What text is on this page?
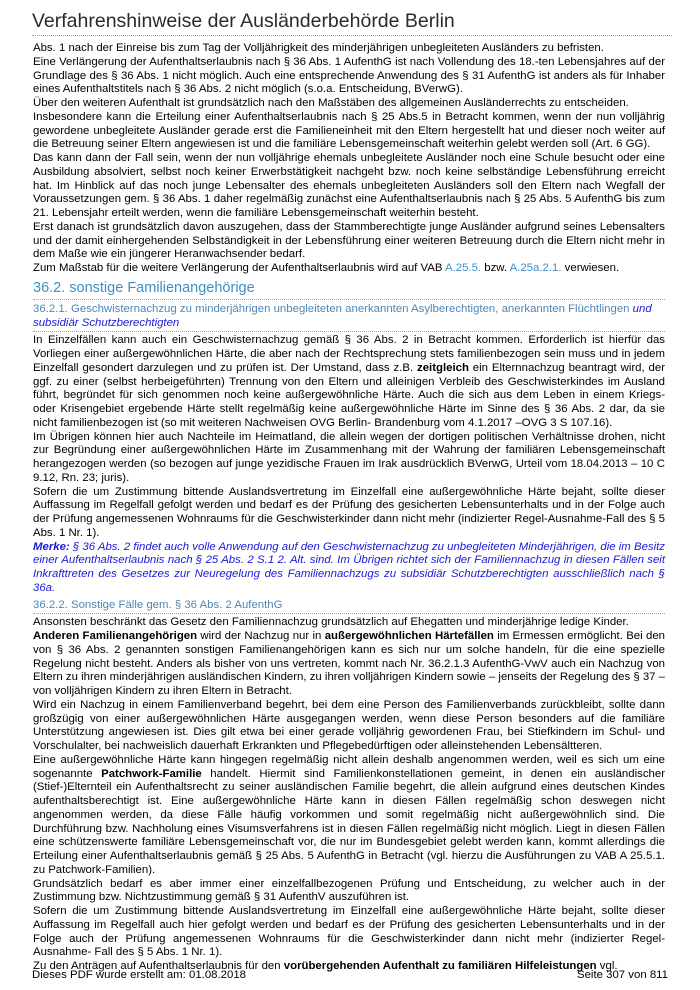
Verfahrenshinweise der Ausländerbehörde Berlin

Abs. 1 nach der Einreise bis zum Tag der Volljährigkeit des minderjährigen unbegleiteten Ausländers zu befristen.

Eine Verlängerung der Aufenthaltserlaubnis nach § 36 Abs. 1 AufenthG ist nach Vollendung des 18.-ten Lebensjahres auf der Grundlage des § 36 Abs. 1 nicht möglich. Auch eine entsprechende Anwendung des § 31 AufenthG ist anders als für Inhaber eines Aufenthaltstitels nach § 36 Abs. 2 nicht möglich (s.o.a. Entscheidung, BVerwG).

Über den weiteren Aufenthalt ist grundsätzlich nach den Maßstäben des allgemeinen Ausländerrechts zu entscheiden.

Insbesondere kann die Erteilung einer Aufenthaltserlaubnis nach § 25 Abs.5 in Betracht kommen, wenn der nun volljährig gewordene unbegleitete Ausländer gerade erst die Familieneinheit mit den Eltern hergestellt hat und dieser noch weiter auf die Betreuung seiner Eltern angewiesen ist und die familiäre Lebensgemeinschaft weiterhin gelebt werden soll (Art. 6 GG).

Das kann dann der Fall sein, wenn der nun volljährige ehemals unbegleitete Ausländer noch eine Schule besucht oder eine Ausbildung absolviert, selbst noch keiner Erwerbstätigkeit nachgeht bzw. noch keine selbständige Lebensführung erreicht hat. Im Hinblick auf das noch junge Lebensalter des ehemals unbegleiteten Ausländers soll den Eltern nach Wegfall der Voraussetzungen gem. § 36 Abs. 1 daher regelmäßig zunächst eine Aufenthaltserlaubnis nach § 25 Abs. 5 AufenthG bis zum 21. Lebensjahr erteilt werden, wenn die familiäre Lebensgemeinschaft weiterhin besteht.

Erst danach ist grundsätzlich davon auszugehen, dass der Stammberechtigte junge Ausländer aufgrund seines Lebensalters und der damit einhergehenden Selbständigkeit in der Lebensführung einer weiteren Betreuung durch die Eltern nicht mehr in dem Maße wie ein jüngerer Heranwachsender bedarf.

Zum Maßstab für die weitere Verlängerung der Aufenthaltserlaubnis wird auf VAB A.25.5. bzw. A.25a.2.1. verwiesen.

36.2. sonstige Familienangehörige
36.2.1. Geschwisternachzug zu minderjährigen unbegleiteten anerkannten Asylberechtigten, anerkannten Flüchtlingen und subsidiär Schutzberechtigten

In Einzelfällen kann auch ein Geschwisternachzug gemäß § 36 Abs. 2 in Betracht kommen. Erforderlich ist hierfür das Vorliegen einer außergewöhnlichen Härte, die aber nach der Rechtsprechung stets familienbezogen sein muss und in jedem Einzelfall gesondert darzulegen und zu prüfen ist. Der Umstand, dass z.B. zeitgleich ein Elternnachzug beantragt wird, der ggf. zu einer (selbst herbeigeführten) Trennung von den Eltern und alleinigen Verbleib des Geschwisterkindes im Ausland führt, begründet für sich genommen noch keine außergewöhnliche Härte. Auch die sich aus dem Leben in einem Kriegs- oder Krisengebiet ergebende Härte stellt regelmäßig keine außergewöhnliche Härte im Sinne des § 36 Abs. 2 dar, da sie nicht familienbezogen ist (so mit weiteren Nachweisen OVG Berlin- Brandenburg vom 4.1.2017 –OVG 3 S 107.16).

Im Übrigen können hier auch Nachteile im Heimatland, die allein wegen der dortigen politischen Verhältnisse drohen, nicht zur Begründung einer außergewöhnlichen Härte im Zusammenhang mit der Wahrung der familiären Lebensgemeinschaft herangezogen werden (so bezogen auf junge yezidische Frauen im Irak ausdrücklich BVerwG, Urteil vom 18.04.2013 – 10 C 9.12, Rn. 23; juris).

Sofern die um Zustimmung bittende Auslandsvertretung im Einzelfall eine außergewöhnliche Härte bejaht, sollte dieser Auffassung im Regelfall gefolgt werden und bedarf es der Prüfung des gesicherten Lebensunterhalts und in der Folge auch der Prüfung angemessenen Wohnraums für die Geschwisterkinder dann nicht mehr (indizierter Regel-Ausnahme-Fall des § 5 Abs. 1 Nr. 1).

Merke: § 36 Abs. 2 findet auch volle Anwendung auf den Geschwisternachzug zu unbegleiteten Minderjährigen, die im Besitz einer Aufenthaltserlaubnis nach § 25 Abs. 2 S.1 2. Alt. sind. Im Übrigen richtet sich der Familiennachzug in diesen Fällen seit Inkrafttreten des Gesetzes zur Neuregelung des Familiennachzugs zu subsidiär Schutzberechtigten ausschließlich nach § 36a.

36.2.2. Sonstige Fälle gem. § 36 Abs. 2 AufenthG

Ansonsten beschränkt das Gesetz den Familiennachzug grundsätzlich auf Ehegatten und minderjährige ledige Kinder.

Anderen Familienangehörigen wird der Nachzug nur in außergewöhnlichen Härtefällen im Ermessen ermöglicht. Bei den von § 36 Abs. 2 genannten sonstigen Familienangehörigen kann es sich nur um solche handeln, für die eine spezielle Regelung nicht besteht. Anders als bisher von uns vertreten, kommt nach Nr. 36.2.1.3 AufenthG-VwV auch ein Nachzug von Eltern zu ihren minderjährigen ausländischen Kindern, zu ihren volljährigen Kindern sowie – jenseits der Regelung des § 37 – von volljährigen Kindern zu ihren Eltern in Betracht.

Wird ein Nachzug in einem Familienverband begehrt, bei dem eine Person des Familienverbands zurückbleibt, sollte dann großzügig von einer außergewöhnlichen Härte ausgegangen werden, wenn diese Person besonders auf die familiäre Unterstützung angewiesen ist. Dies gilt etwa bei einer gerade volljährig gewordenen Frau, bei Stiefkindern im Schul- und Vorschulalter, bei nachweislich dauerhaft Erkrankten und Pflegebedürftigen oder alleinstehenden Lebensältteren.

Eine außergewöhnliche Härte kann hingegen regelmäßig nicht allein deshalb angenommen werden, weil es sich um eine sogenannte Patchwork-Familie handelt. Hiermit sind Familienkonstellationen gemeint, in denen ein ausländischer (Stief-)Elternteil ein Aufenthaltsrecht zu seiner ausländischen Familie begehrt, die allein aufgrund eines deutschen Kindes aufenthaltsberechtigt ist. Eine außergewöhnliche Härte kann in diesen Fällen regelmäßig schon deswegen nicht angenommen werden, da diese Fälle häufig vorkommen und somit regelmäßig nicht außergewöhnlich sind. Die Durchführung bzw. Nachholung eines Visumsverfahrens ist in diesen Fällen regelmäßig nicht möglich. Liegt in diesen Fällen eine schützenswerte familiäre Lebensgemeinschaft vor, die nur im Bundesgebiet gelebt werden kann, kommt allerdings die Erteilung einer Aufenthaltserlaubnis gemäß § 25 Abs. 5 AufenthG in Betracht (vgl. hierzu die Ausführungen zu VAB A 25.5.1. zu Patchwork-Familien).

Grundsätzlich bedarf es aber immer einer einzelfallbezogenen Prüfung und Entscheidung, zu welcher auch in der Zustimmung bzw. Nichtzustimmung gemäß § 31 AufenthV auszuführen ist.

Sofern die um Zustimmung bittende Auslandsvertretung im Einzelfall eine außergewöhnliche Härte bejaht, sollte dieser Auffassung im Regelfall auch hier gefolgt werden und bedarf es der Prüfung des gesicherten Lebensunterhalts und in der Folge auch der Prüfung angemessenen Wohnraums für die Geschwisterkinder dann nicht mehr (indizierter Regel-Ausnahme- Fall des § 5 Abs. 1 Nr. 1).

Zu den Anträgen auf Aufenthaltserlaubnis für den vorübergehenden Aufenthalt zu familiären Hilfeleistungen vgl.

Dieses PDF wurde erstellt am: 01.08.2018	Seite 307 von 811
